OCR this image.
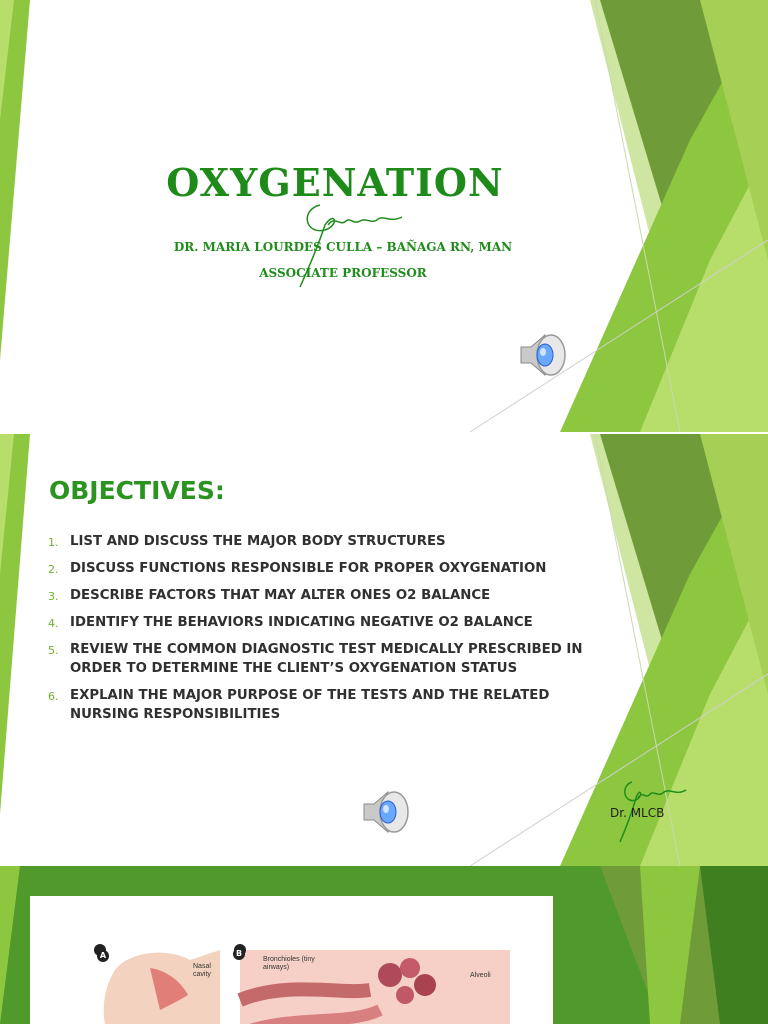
OXYGENATION
DR. MARIA LOURDES CULLA – BAÑAGA RN, MAN
ASSOCIATE PROFESSOR
OBJECTIVES:
1. LIST AND DISCUSS THE MAJOR BODY STRUCTURES
2. DISCUSS FUNCTIONS RESPONSIBLE FOR PROPER OXYGENATION
3. DESCRIBE FACTORS THAT MAY ALTER ONES O2 BALANCE
4. IDENTIFY THE BEHAVIORS INDICATING NEGATIVE O2 BALANCE
5. REVIEW THE COMMON DIAGNOSTIC TEST MEDICALLY PRESCRIBED IN ORDER TO DETERMINE THE CLIENT’S OXYGENATION STATUS
6. EXPLAIN THE MAJOR PURPOSE OF THE TESTS AND THE RELATED NURSING RESPONSIBILITIES
Dr. MLCB
A	B
Nasal cavity
Bronchioles (tiny airways)
Alveoli
